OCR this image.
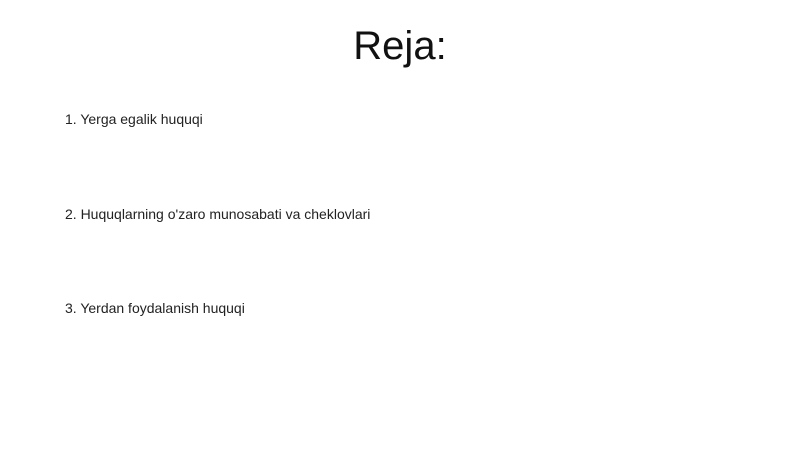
Reja:

1. Yerga egalik huquqi

2. Huquqlarning o'zaro munosabati va cheklovlari

3. Yerdan foydalanish huquqi
